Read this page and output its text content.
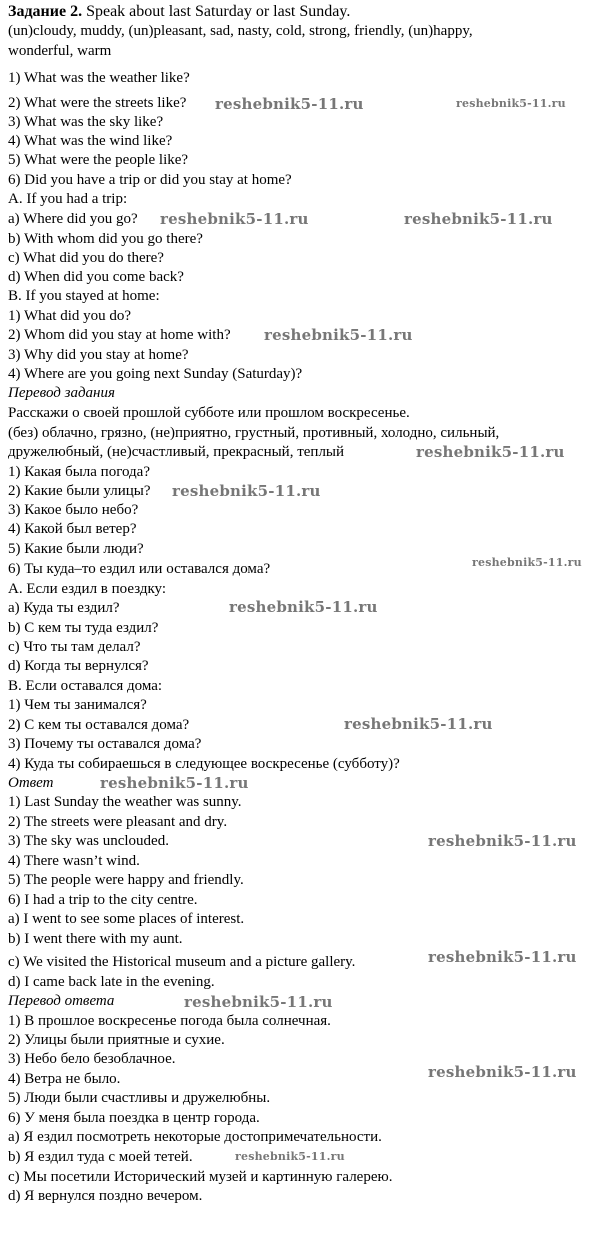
Задание 2. Speak about last Saturday or last Sunday.
(un)cloudy, muddy, (un)pleasant, sad, nasty, cold, strong, friendly, (un)happy,
wonderful, warm
1) What was the weather like?
2) What were the streets like?
3) What was the sky like?
4) What was the wind like?
5) What were the people like?
6) Did you have a trip or did you stay at home?
A. If you had a trip:
a) Where did you go?
b) With whom did you go there?
c) What did you do there?
d) When did you come back?
B. If you stayed at home:
1) What did you do?
2) Whom did you stay at home with?
3) Why did you stay at home?
4) Where are you going next Sunday (Saturday)?
Перевод задания
Расскажи о своей прошлой субботе или прошлом воскресенье.
(без) облачно, грязно, (не)приятно, грустный, противный, холодно, сильный,
дружелюбный, (не)счастливый, прекрасный, теплый
1) Какая была погода?
2) Какие были улицы?
3) Какое было небо?
4) Какой был ветер?
5) Какие были люди?
6) Ты куда–то ездил или оставался дома?
А. Если ездил в поездку:
а) Куда ты ездил?
b) С кем ты туда ездил?
c) Что ты там делал?
d) Когда ты вернулся?
В. Если оставался дома:
1) Чем ты занимался?
2) С кем ты оставался дома?
3) Почему ты оставался дома?
4) Куда ты собираешься в следующее воскресенье (субботу)?
Ответ
1) Last Sunday the weather was sunny.
2) The streets were pleasant and dry.
3) The sky was unclouded.
4) There wasn’t wind.
5) The people were happy and friendly.
6) I had a trip to the city centre.
a) I went to see some places of interest.
b) I went there with my aunt.
c) We visited the Historical museum and a picture gallery.
d) I came back late in the evening.
Перевод ответа
1) В прошлое воскресенье погода была солнечная.
2) Улицы были приятные и сухие.
3) Небо бело безоблачное.
4) Ветра не было.
5) Люди были счастливы и дружелюбны.
6) У меня была поездка в центр города.
а) Я ездил посмотреть некоторые достопримечательности.
b) Я ездил туда с моей тетей.
с) Мы посетили Исторический музей и картинную галерею.
d) Я вернулся поздно вечером.
reshebnik5-11.ru	reshebnik5-11.ru
reshebnik5-11.ru	reshebnik5-11.ru
reshebnik5-11.ru
reshebnik5-11.ru
reshebnik5-11.ru
reshebnik5-11.ru
reshebnik5-11.ru
reshebnik5-11.ru
reshebnik5-11.ru
reshebnik5-11.ru
reshebnik5-11.ru
reshebnik5-11.ru
reshebnik5-11.ru
reshebnik5-11.ru
